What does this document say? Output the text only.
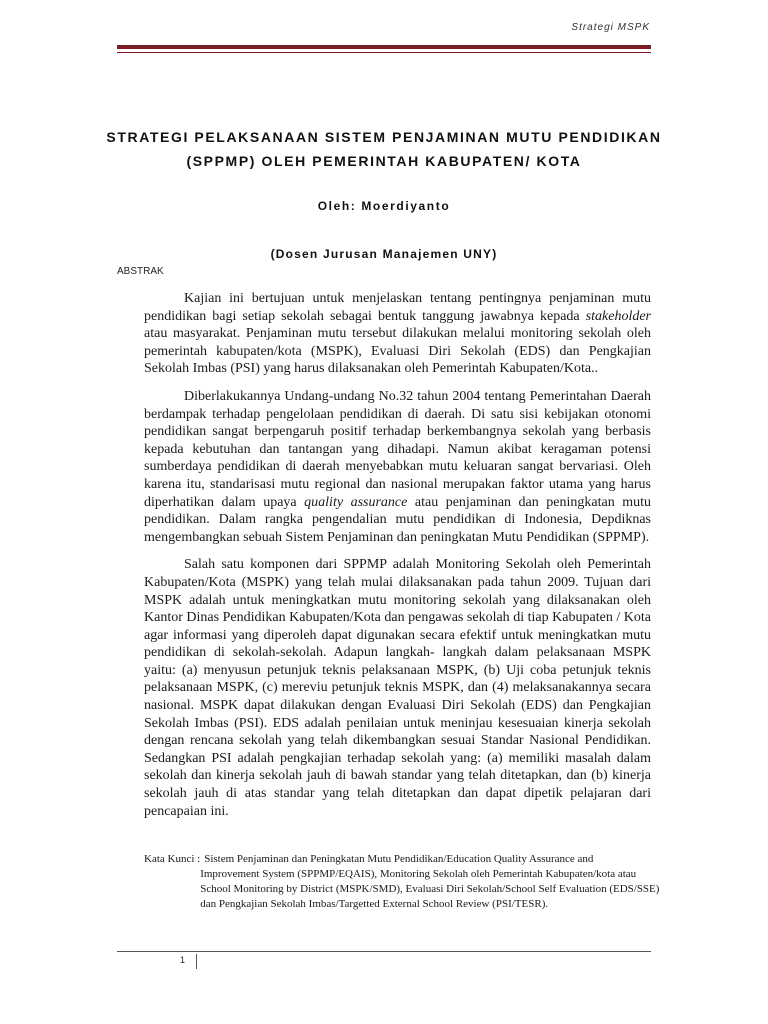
Strategi MSPK
STRATEGI PELAKSANAAN SISTEM PENJAMINAN MUTU PENDIDIKAN
(SPPMP) OLEH PEMERINTAH KABUPATEN/ KOTA
Oleh: Moerdiyanto
(Dosen Jurusan Manajemen UNY)
ABSTRAK

Kajian ini bertujuan untuk menjelaskan tentang pentingnya penjaminan mutu pendidikan bagi setiap sekolah sebagai bentuk tanggung jawabnya kepada stakeholder atau masyarakat. Penjaminan mutu tersebut dilakukan melalui monitoring sekolah oleh pemerintah kabupaten/kota (MSPK), Evaluasi Diri Sekolah (EDS) dan Pengkajian Sekolah Imbas (PSI) yang harus dilaksanakan oleh Pemerintah Kabupaten/Kota..

Diberlakukannya Undang-undang No.32 tahun 2004 tentang Pemerintahan Daerah berdampak terhadap pengelolaan pendidikan di daerah. Di satu sisi kebijakan otonomi pendidikan sangat berpengaruh positif terhadap berkembangnya sekolah yang berbasis kepada kebutuhan dan tantangan yang dihadapi. Namun akibat keragaman potensi sumberdaya pendidikan di daerah menyebabkan mutu keluaran sangat bervariasi. Oleh karena itu, standarisasi mutu regional dan nasional merupakan faktor utama yang harus diperhatikan dalam upaya quality assurance atau penjaminan dan peningkatan mutu pendidikan. Dalam rangka pengendalian mutu pendidikan di Indonesia, Depdiknas mengembangkan sebuah Sistem Penjaminan dan peningkatan Mutu Pendidikan (SPPMP).

Salah satu komponen dari SPPMP adalah Monitoring Sekolah oleh Pemerintah Kabupaten/Kota (MSPK) yang telah mulai dilaksanakan pada tahun 2009. Tujuan dari MSPK adalah untuk meningkatkan mutu monitoring sekolah yang dilaksanakan oleh Kantor Dinas Pendidikan Kabupaten/Kota dan pengawas sekolah di tiap Kabupaten / Kota agar informasi yang diperoleh dapat digunakan secara efektif untuk meningkatkan mutu pendidikan di sekolah-sekolah. Adapun langkah- langkah dalam pelaksanaan MSPK yaitu: (a) menyusun petunjuk teknis pelaksanaan MSPK, (b) Uji coba petunjuk teknis pelaksanaan MSPK, (c) mereviu petunjuk teknis MSPK, dan (4) melaksanakannya secara nasional. MSPK dapat dilakukan dengan Evaluasi Diri Sekolah (EDS) dan Pengkajian Sekolah Imbas (PSI). EDS adalah penilaian untuk meninjau kesesuaian kinerja sekolah dengan rencana sekolah yang telah dikembangkan sesuai Standar Nasional Pendidikan. Sedangkan PSI adalah pengkajian terhadap sekolah yang: (a) memiliki masalah dalam sekolah dan kinerja sekolah jauh di bawah standar yang telah ditetapkan, dan (b) kinerja sekolah jauh di atas standar yang telah ditetapkan dan dapat dipetik pelajaran dari pencapaian ini.

Kata Kunci : Sistem Penjaminan dan Peningkatan Mutu Pendidikan/Education Quality Assurance and
Improvement System (SPPMP/EQAIS), Monitoring Sekolah oleh Pemerintah Kabupaten/kota atau School Monitoring by District (MSPK/SMD), Evaluasi Diri Sekolah/School Self Evaluation (EDS/SSE) dan Pengkajian Sekolah Imbas/Targetted External School Review (PSI/TESR).
1
